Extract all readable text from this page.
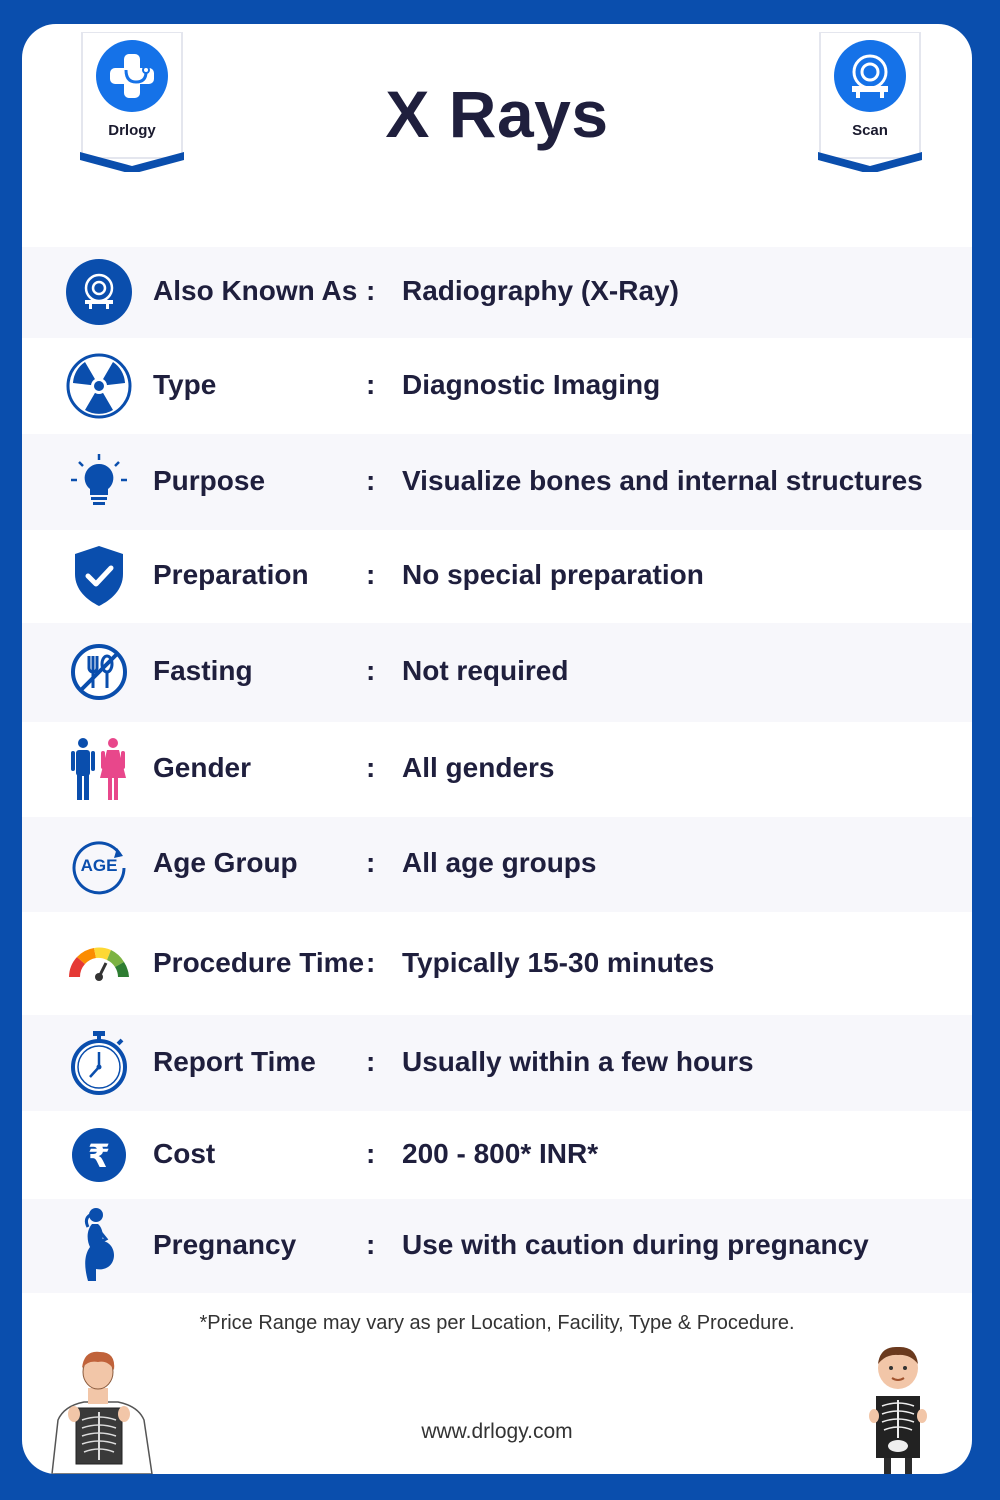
Drlogy	X Rays	Scan
Also Known As : Radiography (X-Ray)
Type	: Diagnostic Imaging
Purpose	: Visualize bones and internal structures
Preparation : No special preparation
Fasting	: Not required
Gender	: All genders
AGE Age Group : All age groups
Procedure Time : Typically 15-30 minutes
Report Time : Usually within a few hours
₹ Cost	: 200 - 800* INR*
Pregnancy : Use with caution during pregnancy
*Price Range may vary as per Location, Facility, Type & Procedure.
www.drlogy.com
